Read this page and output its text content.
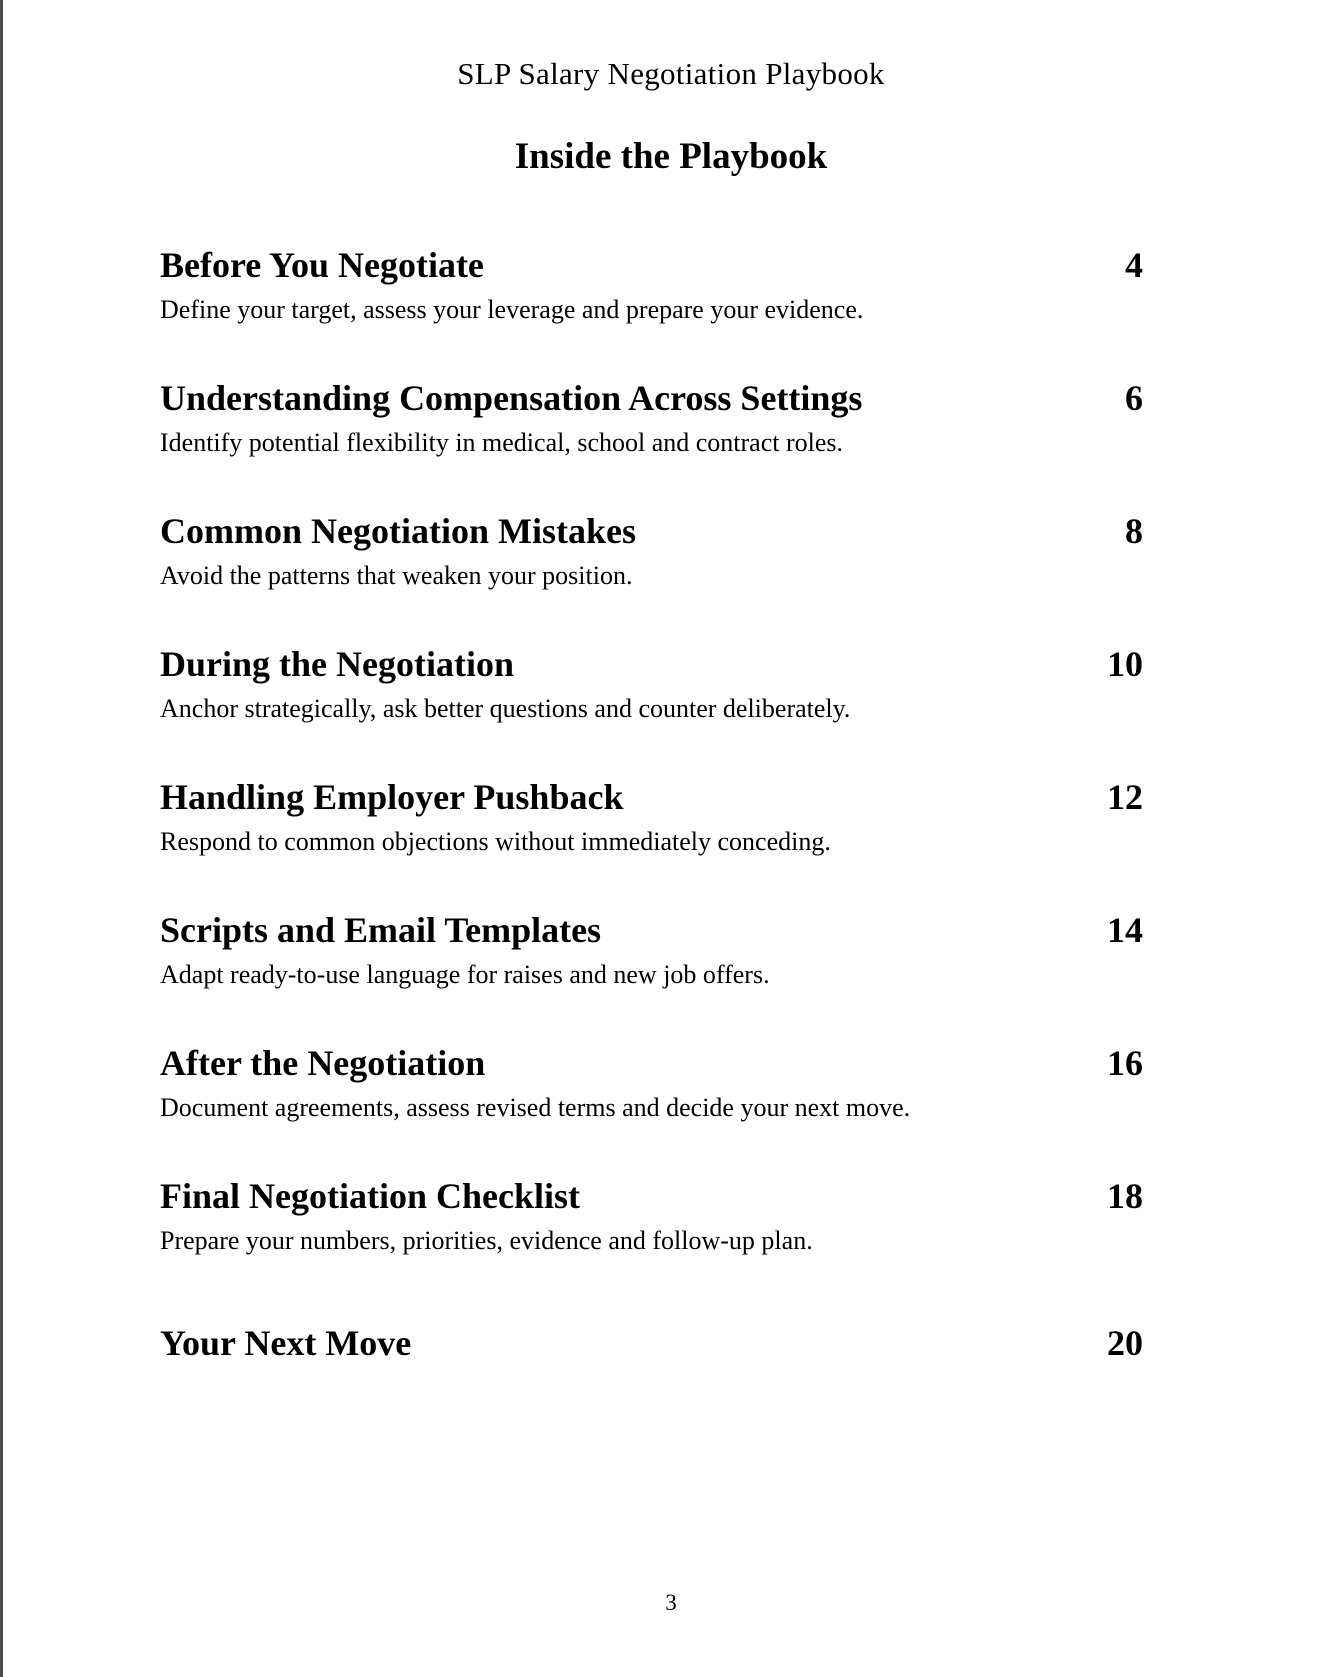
SLP Salary Negotiation Playbook
Inside the Playbook
Before You Negotiate
Define your target, assess your leverage and prepare your evidence.
4
Understanding Compensation Across Settings
Identify potential flexibility in medical, school and contract roles.
6
Common Negotiation Mistakes
Avoid the patterns that weaken your position.
8
During the Negotiation
Anchor strategically, ask better questions and counter deliberately.
10
Handling Employer Pushback
Respond to common objections without immediately conceding.
12
Scripts and Email Templates
Adapt ready-to-use language for raises and new job offers.
14
After the Negotiation
Document agreements, assess revised terms and decide your next move.
16
Final Negotiation Checklist
Prepare your numbers, priorities, evidence and follow-up plan.
18
Your Next Move	20
3
